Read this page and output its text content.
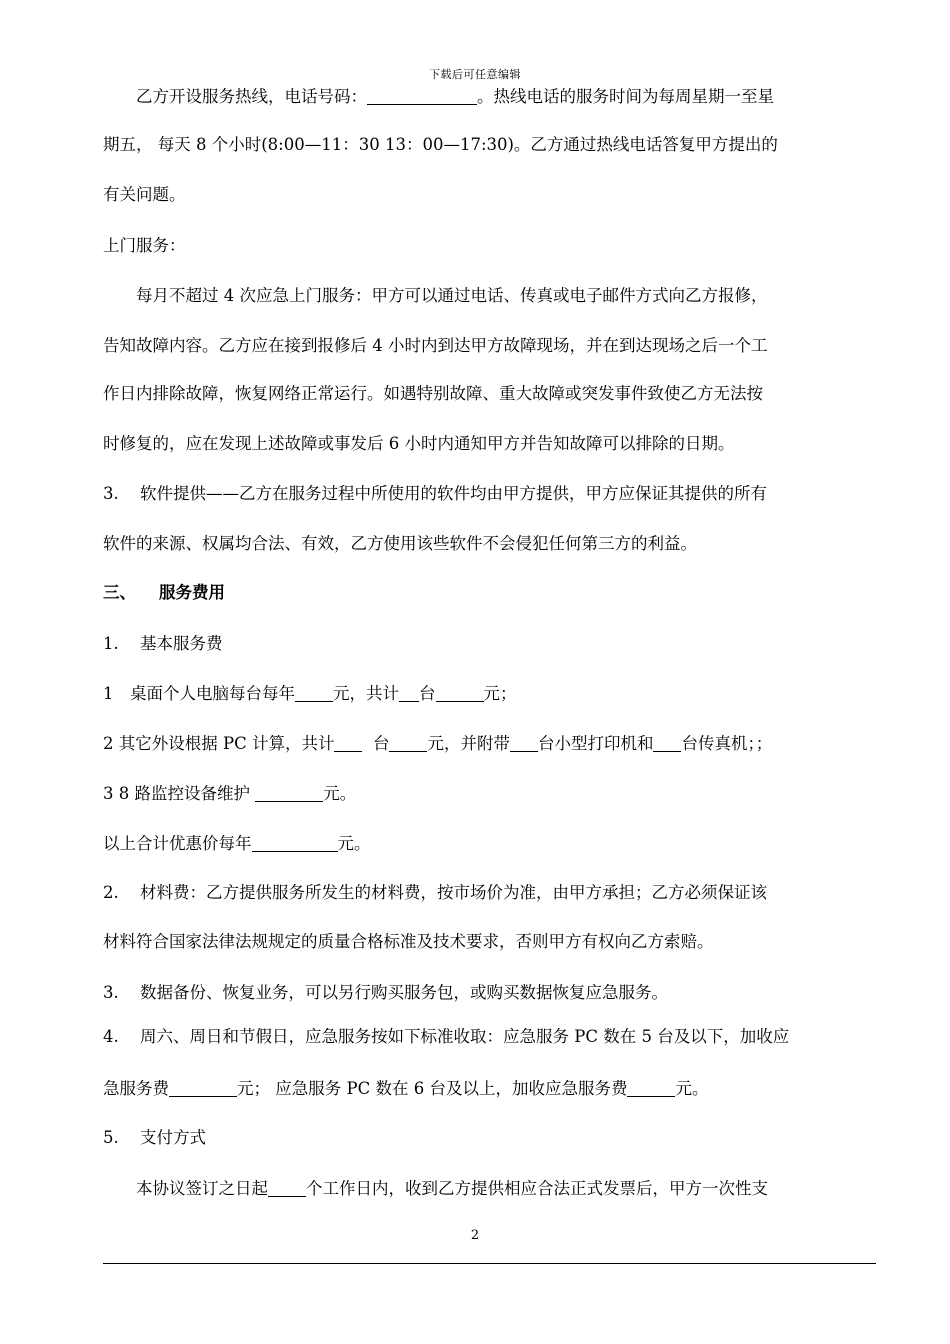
下载后可任意编辑
乙方开设服务热线，电话号码：	。热线电话的服务时间为每周星期一至星
期五， 每天 8 个小时(8:00—11：30 13：00—17:30)。乙方通过热线电话答复甲方提出的
有关问题。
上门服务：
每月不超过 4 次应急上门服务：甲方可以通过电话、传真或电子邮件方式向乙方报修，
告知故障内容。乙方应在接到报修后 4 小时内到达甲方故障现场，并在到达现场之后一个工
作日内排除故障，恢复网络正常运行。如遇特别故障、重大故障或突发事件致使乙方无法按
时修复的，应在发现上述故障或事发后 6 小时内通知甲方并告知故障可以排除的日期。
3. 软件提供——乙方在服务过程中所使用的软件均由甲方提供，甲方应保证其提供的所有
软件的来源、权属均合法、有效，乙方使用该些软件不会侵犯任何第三方的利益。
三、 服务费用
1. 基本服务费
1 桌面个人电脑每台每年 元，共计 台	元；
2 其它外设根据 PC 计算，共计 台 元，并附带 台小型打印机和 台传真机；；
3 8 路监控设备维护	元。
以上合计优惠价每年	元。
2. 材料费：乙方提供服务所发生的材料费，按市场价为准，由甲方承担；乙方必须保证该
材料符合国家法律法规规定的质量合格标准及技术要求，否则甲方有权向乙方索赔。
3. 数据备份、恢复业务，可以另行购买服务包，或购买数据恢复应急服务。
4. 周六、周日和节假日，应急服务按如下标准收取：应急服务 PC 数在 5 台及以下，加收应
急服务费	元； 应急服务 PC 数在 6 台及以上，加收应急服务费	元。
5. 支付方式
本协议签订之日起 个工作日内，收到乙方提供相应合法正式发票后，甲方一次性支
2
